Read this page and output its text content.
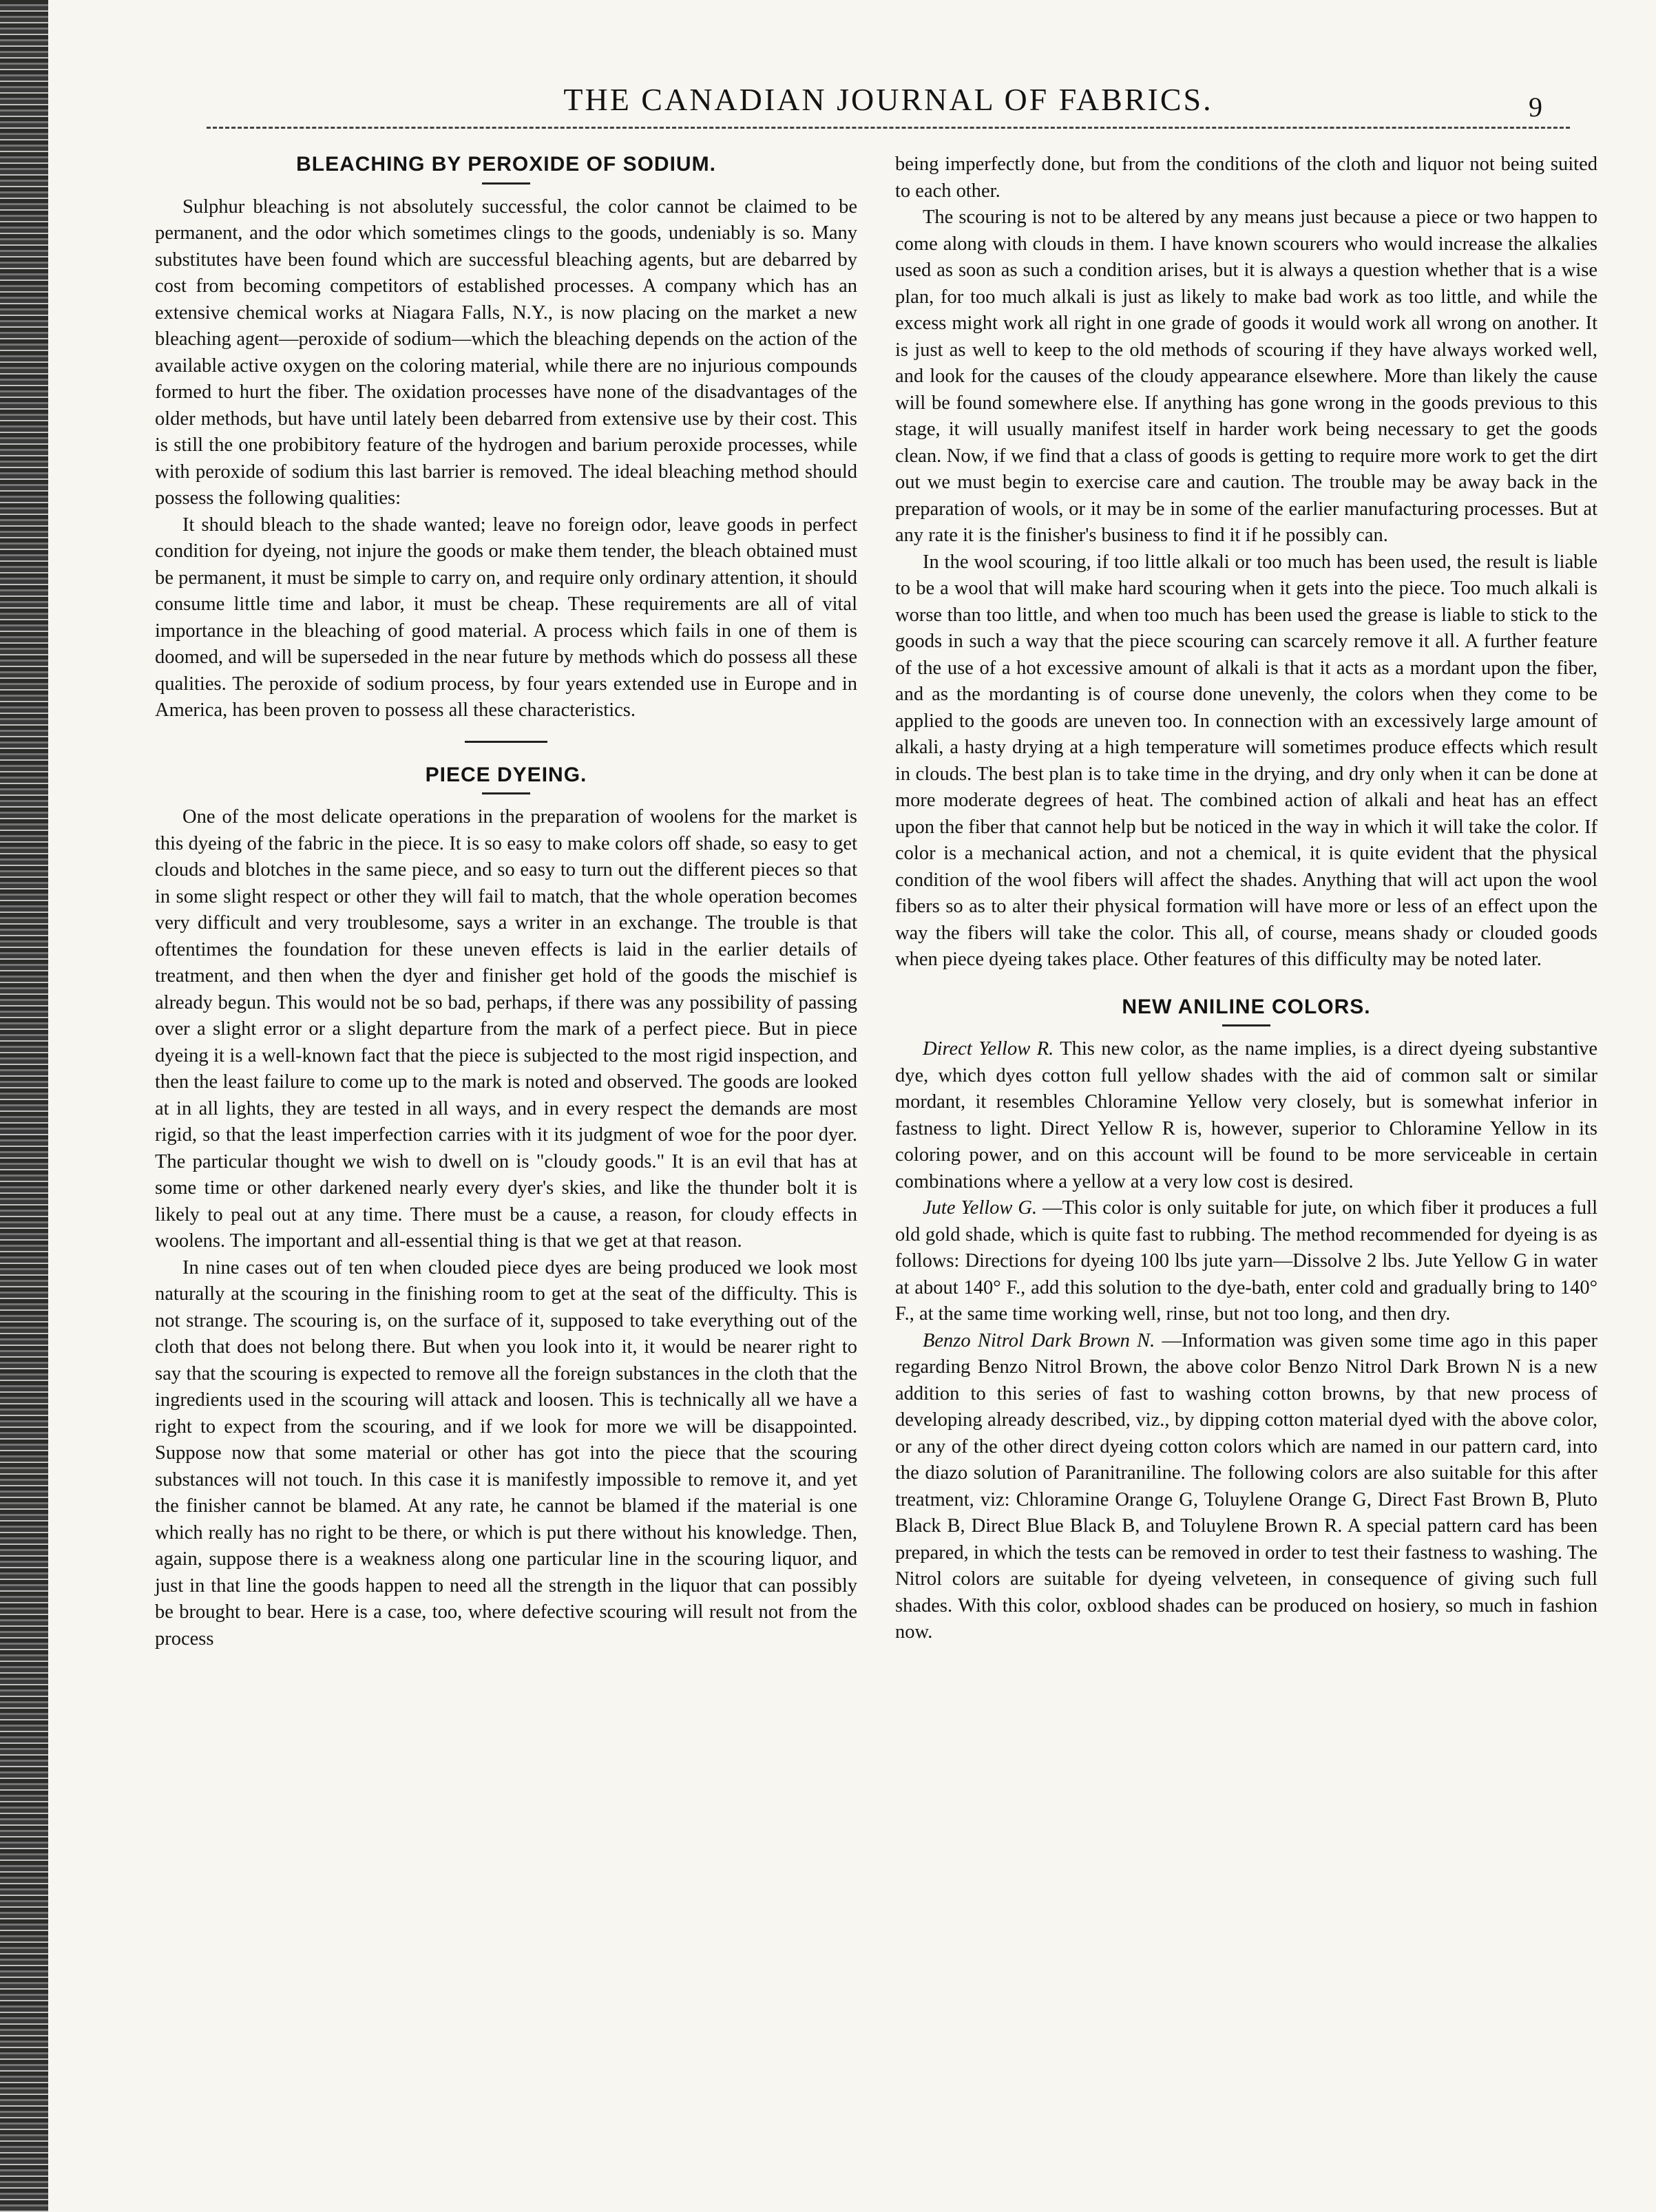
THE CANADIAN JOURNAL OF FABRICS.	9
BLEACHING BY PEROXIDE OF SODIUM.

Sulphur bleaching is not absolutely successful, the color cannot be claimed to be permanent, and the odor which sometimes clings to the goods, undeniably is so. Many substitutes have been found which are successful bleaching agents, but are debarred by cost from becoming competitors of established processes. A company which has an extensive chemical works at Niagara Falls, N.Y., is now placing on the market a new bleaching agent—peroxide of sodium—which the bleaching depends on the action of the available active oxygen on the coloring material, while there are no injurious compounds formed to hurt the fiber. The oxidation processes have none of the disadvantages of the older methods, but have until lately been debarred from extensive use by their cost. This is still the one probibitory feature of the hydrogen and barium peroxide processes, while with peroxide of sodium this last barrier is removed. The ideal bleaching method should possess the following qualities:

It should bleach to the shade wanted; leave no foreign odor, leave goods in perfect condition for dyeing, not injure the goods or make them tender, the bleach obtained must be permanent, it must be simple to carry on, and require only ordinary attention, it should consume little time and labor, it must be cheap. These requirements are all of vital importance in the bleaching of good material. A process which fails in one of them is doomed, and will be superseded in the near future by methods which do possess all these qualities. The peroxide of sodium process, by four years extended use in Europe and in America, has been proven to possess all these characteristics.

PIECE DYEING.

One of the most delicate operations in the preparation of woolens for the market is this dyeing of the fabric in the piece. It is so easy to make colors off shade, so easy to get clouds and blotches in the same piece, and so easy to turn out the different pieces so that in some slight respect or other they will fail to match, that the whole operation becomes very difficult and very troublesome, says a writer in an exchange. The trouble is that oftentimes the foundation for these uneven effects is laid in the earlier details of treatment, and then when the dyer and finisher get hold of the goods the mischief is already begun. This would not be so bad, perhaps, if there was any possibility of passing over a slight error or a slight departure from the mark of a perfect piece. But in piece dyeing it is a well-known fact that the piece is subjected to the most rigid inspection, and then the least failure to come up to the mark is noted and observed. The goods are looked at in all lights, they are tested in all ways, and in every respect the demands are most rigid, so that the least imperfection carries with it its judgment of woe for the poor dyer. The particular thought we wish to dwell on is "cloudy goods." It is an evil that has at some time or other darkened nearly every dyer's skies, and like the thunder bolt it is likely to peal out at any time. There must be a cause, a reason, for cloudy effects in woolens. The important and all-essential thing is that we get at that reason.

In nine cases out of ten when clouded piece dyes are being produced we look most naturally at the scouring in the finishing room to get at the seat of the difficulty. This is not strange. The scouring is, on the surface of it, supposed to take everything out of the cloth that does not belong there. But when you look into it, it would be nearer right to say that the scouring is expected to remove all the foreign substances in the cloth that the ingredients used in the scouring will attack and loosen. This is technically all we have a right to expect from the scouring, and if we look for more we will be disappointed. Suppose now that some material or other has got into the piece that the scouring substances will not touch. In this case it is manifestly impossible to remove it, and yet the finisher cannot be blamed. At any rate, he cannot be blamed if the material is one which really has no right to be there, or which is put there without his knowledge. Then, again, suppose there is a weakness along one particular line in the scouring liquor, and just in that line the goods happen to need all the strength in the liquor that can possibly be brought to bear. Here is a case, too, where defective scouring will result not from the process

being imperfectly done, but from the conditions of the cloth and liquor not being suited to each other.

The scouring is not to be altered by any means just because a piece or two happen to come along with clouds in them. I have known scourers who would increase the alkalies used as soon as such a condition arises, but it is always a question whether that is a wise plan, for too much alkali is just as likely to make bad work as too little, and while the excess might work all right in one grade of goods it would work all wrong on another. It is just as well to keep to the old methods of scouring if they have always worked well, and look for the causes of the cloudy appearance elsewhere. More than likely the cause will be found somewhere else. If anything has gone wrong in the goods previous to this stage, it will usually manifest itself in harder work being necessary to get the goods clean. Now, if we find that a class of goods is getting to require more work to get the dirt out we must begin to exercise care and caution. The trouble may be away back in the preparation of wools, or it may be in some of the earlier manufacturing processes. But at any rate it is the finisher's business to find it if he possibly can.

In the wool scouring, if too little alkali or too much has been used, the result is liable to be a wool that will make hard scouring when it gets into the piece. Too much alkali is worse than too little, and when too much has been used the grease is liable to stick to the goods in such a way that the piece scouring can scarcely remove it all. A further feature of the use of a hot excessive amount of alkali is that it acts as a mordant upon the fiber, and as the mordanting is of course done unevenly, the colors when they come to be applied to the goods are uneven too. In connection with an excessively large amount of alkali, a hasty drying at a high temperature will sometimes produce effects which result in clouds. The best plan is to take time in the drying, and dry only when it can be done at more moderate degrees of heat. The combined action of alkali and heat has an effect upon the fiber that cannot help but be noticed in the way in which it will take the color. If color is a mechanical action, and not a chemical, it is quite evident that the physical condition of the wool fibers will affect the shades. Anything that will act upon the wool fibers so as to alter their physical formation will have more or less of an effect upon the way the fibers will take the color. This all, of course, means shady or clouded goods when piece dyeing takes place. Other features of this difficulty may be noted later.

NEW ANILINE COLORS.

Direct Yellow R. This new color, as the name implies, is a direct dyeing substantive dye, which dyes cotton full yellow shades with the aid of common salt or similar mordant, it resembles Chloramine Yellow very closely, but is somewhat inferior in fastness to light. Direct Yellow R is, however, superior to Chloramine Yellow in its coloring power, and on this account will be found to be more serviceable in certain combinations where a yellow at a very low cost is desired.

Jute Yellow G. —This color is only suitable for jute, on which fiber it produces a full old gold shade, which is quite fast to rubbing. The method recommended for dyeing is as follows: Directions for dyeing 100 lbs jute yarn—Dissolve 2 lbs. Jute Yellow G in water at about 140° F., add this solution to the dye-bath, enter cold and gradually bring to 140° F., at the same time working well, rinse, but not too long, and then dry.

Benzo Nitrol Dark Brown N. —Information was given some time ago in this paper regarding Benzo Nitrol Brown, the above color Benzo Nitrol Dark Brown N is a new addition to this series of fast to washing cotton browns, by that new process of developing already described, viz., by dipping cotton material dyed with the above color, or any of the other direct dyeing cotton colors which are named in our pattern card, into the diazo solution of Paranitraniline. The following colors are also suitable for this after treatment, viz: Chloramine Orange G, Toluylene Orange G, Direct Fast Brown B, Pluto Black B, Direct Blue Black B, and Toluylene Brown R. A special pattern card has been prepared, in which the tests can be removed in order to test their fastness to washing. The Nitrol colors are suitable for dyeing velveteen, in consequence of giving such full shades. With this color, oxblood shades can be produced on hosiery, so much in fashion now.
